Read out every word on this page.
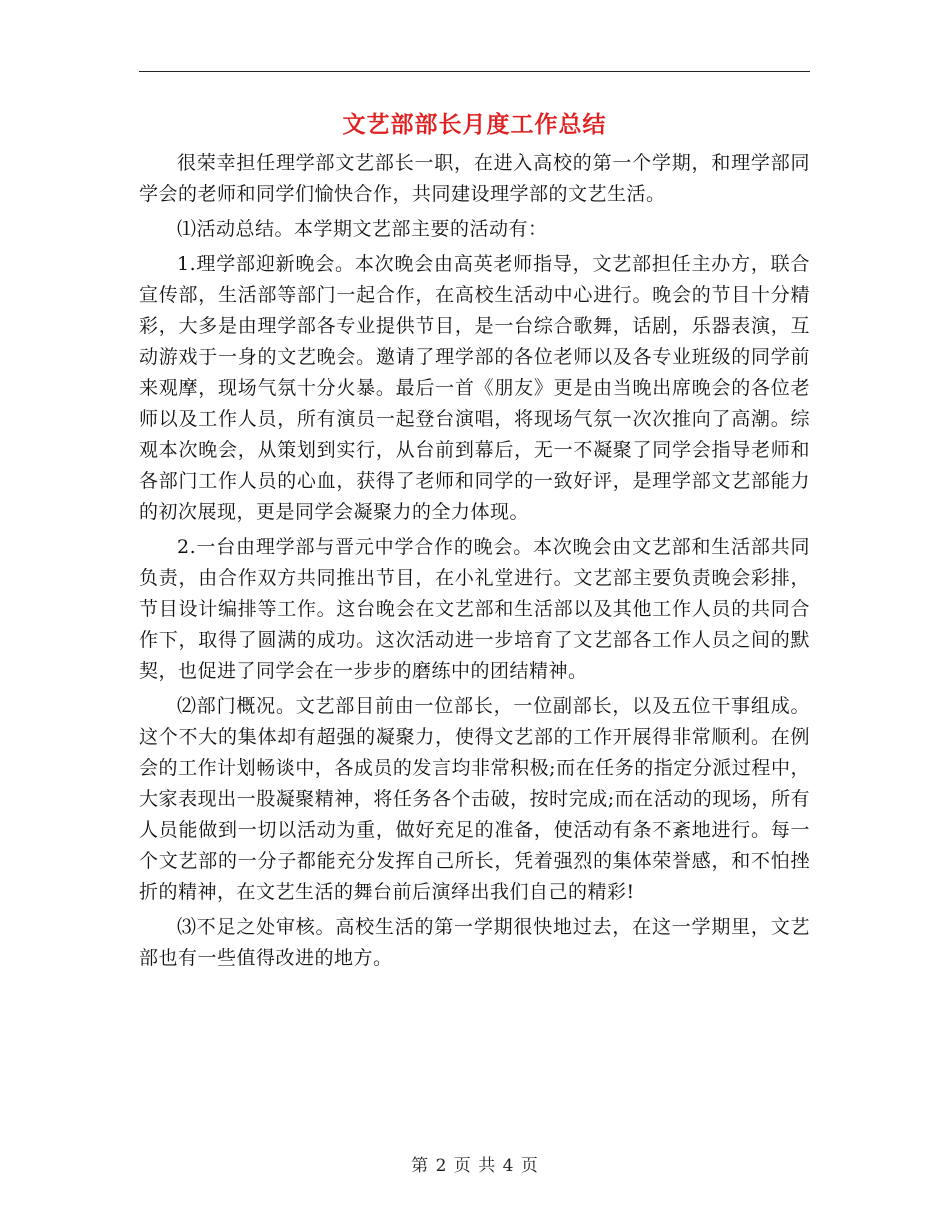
文艺部部长月度工作总结

很荣幸担任理学部文艺部长一职，在进入高校的第一个学期，和理学部同学会的老师和同学们愉快合作，共同建设理学部的文艺生活。

⑴活动总结。本学期文艺部主要的活动有：

1.理学部迎新晚会。本次晚会由高英老师指导，文艺部担任主办方，联合宣传部，生活部等部门一起合作，在高校生活动中心进行。晚会的节目十分精彩，大多是由理学部各专业提供节目，是一台综合歌舞，话剧，乐器表演，互动游戏于一身的文艺晚会。邀请了理学部的各位老师以及各专业班级的同学前来观摩，现场气氛十分火暴。最后一首《朋友》更是由当晚出席晚会的各位老师以及工作人员，所有演员一起登台演唱，将现场气氛一次次推向了高潮。综观本次晚会，从策划到实行，从台前到幕后，无一不凝聚了同学会指导老师和各部门工作人员的心血，获得了老师和同学的一致好评，是理学部文艺部能力的初次展现，更是同学会凝聚力的全力体现。

2.一台由理学部与晋元中学合作的晚会。本次晚会由文艺部和生活部共同负责，由合作双方共同推出节目，在小礼堂进行。文艺部主要负责晚会彩排，节目设计编排等工作。这台晚会在文艺部和生活部以及其他工作人员的共同合作下，取得了圆满的成功。这次活动进一步培育了文艺部各工作人员之间的默契，也促进了同学会在一步步的磨练中的团结精神。

⑵部门概况。文艺部目前由一位部长，一位副部长，以及五位干事组成。这个不大的集体却有超强的凝聚力，使得文艺部的工作开展得非常顺利。在例会的工作计划畅谈中，各成员的发言均非常积极;而在任务的指定分派过程中，大家表现出一股凝聚精神，将任务各个击破，按时完成;而在活动的现场，所有人员能做到一切以活动为重，做好充足的准备，使活动有条不紊地进行。每一个文艺部的一分子都能充分发挥自己所长，凭着强烈的集体荣誉感，和不怕挫折的精神，在文艺生活的舞台前后演绎出我们自己的精彩!

⑶不足之处审核。高校生活的第一学期很快地过去，在这一学期里，文艺部也有一些值得改进的地方。

第 2 页 共 4 页
